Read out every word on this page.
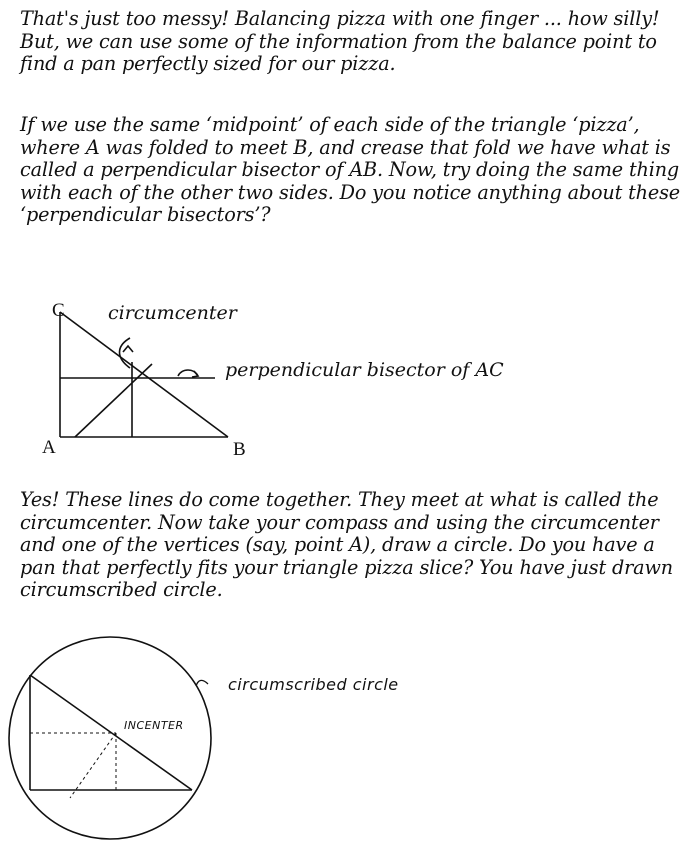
That's just too messy! Balancing pizza with one finger ... how silly! But, we can use some of the information from the balance point to find a pan perfectly sized for our pizza.

If we use the same ‘midpoint’ of each side of the triangle ‘pizza’, where A was folded to meet B, and crease that fold we have what is called a perpendicular bisector of AB. Now, try doing the same thing with each of the other two sides. Do you notice anything about these ‘perpendicular bisectors’?

C
A	B
circumcenter
perpendicular bisector of AC

Yes! These lines do come together. They meet at what is called the circumcenter. Now take your compass and using the circumcenter and one of the vertices (say, point A), draw a circle. Do you have a pan that perfectly fits your triangle pizza slice? You have just drawn circumscribed circle.

circumscribed circle
INCENTER
